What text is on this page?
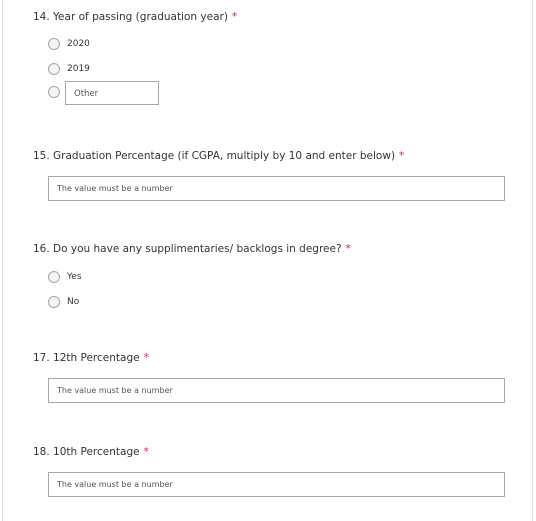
14. Year of passing (graduation year) *
2020
2019
Other
15. Graduation Percentage (if CGPA, multiply by 10 and enter below) *
The value must be a number
16. Do you have any supplimentaries/ backlogs in degree? *
Yes
No
17. 12th Percentage *
The value must be a number
18. 10th Percentage *
The value must be a number
